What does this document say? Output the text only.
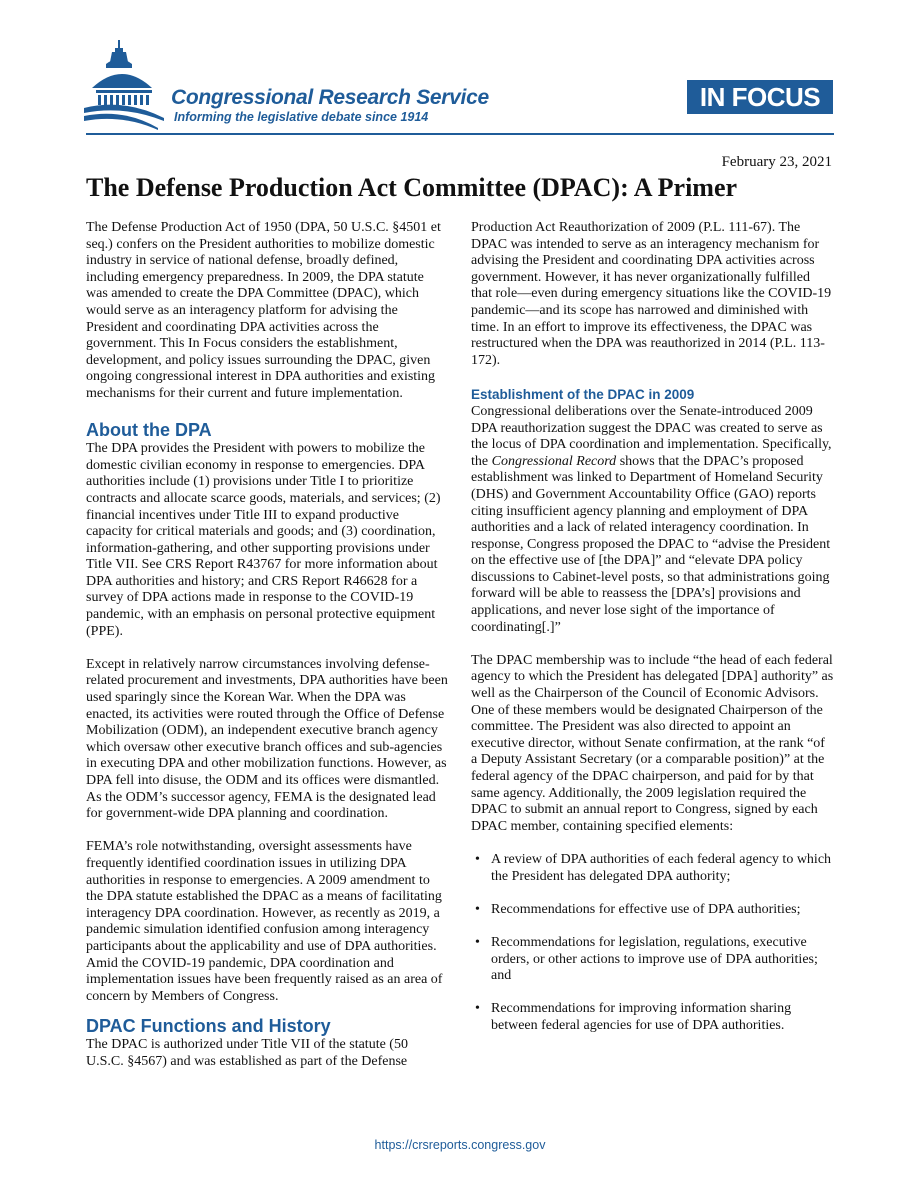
Congressional Research Service
Informing the legislative debate since 1914
IN FOCUS
February 23, 2021
The Defense Production Act Committee (DPAC): A Primer

The Defense Production Act of 1950 (DPA, 50 U.S.C. §4501 et seq.) confers on the President authorities to mobilize domestic industry in service of national defense, broadly defined, including emergency preparedness. In 2009, the DPA statute was amended to create the DPA Committee (DPAC), which would serve as an interagency platform for advising the President and coordinating DPA activities across the government. This In Focus considers the establishment, development, and policy issues surrounding the DPAC, given ongoing congressional interest in DPA authorities and existing mechanisms for their current and future implementation.

About the DPA

The DPA provides the President with powers to mobilize the domestic civilian economy in response to emergencies. DPA authorities include (1) provisions under Title I to prioritize contracts and allocate scarce goods, materials, and services; (2) financial incentives under Title III to expand productive capacity for critical materials and goods; and (3) coordination, information-gathering, and other supporting provisions under Title VII. See CRS Report R43767 for more information about DPA authorities and history; and CRS Report R46628 for a survey of DPA actions made in response to the COVID-19 pandemic, with an emphasis on personal protective equipment (PPE).

Except in relatively narrow circumstances involving defense-related procurement and investments, DPA authorities have been used sparingly since the Korean War. When the DPA was enacted, its activities were routed through the Office of Defense Mobilization (ODM), an independent executive branch agency which oversaw other executive branch offices and sub-agencies in executing DPA and other mobilization functions. However, as DPA fell into disuse, the ODM and its offices were dismantled. As the ODM’s successor agency, FEMA is the designated lead for government-wide DPA planning and coordination.

FEMA’s role notwithstanding, oversight assessments have frequently identified coordination issues in utilizing DPA authorities in response to emergencies. A 2009 amendment to the DPA statute established the DPAC as a means of facilitating interagency DPA coordination. However, as recently as 2019, a pandemic simulation identified confusion among interagency participants about the applicability and use of DPA authorities. Amid the COVID-19 pandemic, DPA coordination and implementation issues have been frequently raised as an area of concern by Members of Congress.

DPAC Functions and History

The DPAC is authorized under Title VII of the statute (50 U.S.C. §4567) and was established as part of the Defense

Production Act Reauthorization of 2009 (P.L. 111-67). The DPAC was intended to serve as an interagency mechanism for advising the President and coordinating DPA activities across government. However, it has never organizationally fulfilled that role—even during emergency situations like the COVID-19 pandemic—and its scope has narrowed and diminished with time. In an effort to improve its effectiveness, the DPAC was restructured when the DPA was reauthorized in 2014 (P.L. 113-172).

Establishment of the DPAC in 2009

Congressional deliberations over the Senate-introduced 2009 DPA reauthorization suggest the DPAC was created to serve as the locus of DPA coordination and implementation. Specifically, the Congressional Record shows that the DPAC’s proposed establishment was linked to Department of Homeland Security (DHS) and Government Accountability Office (GAO) reports citing insufficient agency planning and employment of DPA authorities and a lack of related interagency coordination. In response, Congress proposed the DPAC to “advise the President on the effective use of [the DPA]” and “elevate DPA policy discussions to Cabinet-level posts, so that administrations going forward will be able to reassess the [DPA’s] provisions and applications, and never lose sight of the importance of coordinating[.]”

The DPAC membership was to include “the head of each federal agency to which the President has delegated [DPA] authority” as well as the Chairperson of the Council of Economic Advisors. One of these members would be designated Chairperson of the committee. The President was also directed to appoint an executive director, without Senate confirmation, at the rank “of a Deputy Assistant Secretary (or a comparable position)” at the federal agency of the DPAC chairperson, and paid for by that same agency. Additionally, the 2009 legislation required the DPAC to submit an annual report to Congress, signed by each DPAC member, containing specified elements:

• A review of DPA authorities of each federal agency to which the President has delegated DPA authority;
• Recommendations for effective use of DPA authorities;
• Recommendations for legislation, regulations, executive orders, or other actions to improve use of DPA authorities; and
• Recommendations for improving information sharing between federal agencies for use of DPA authorities.
https://crsreports.congress.gov
